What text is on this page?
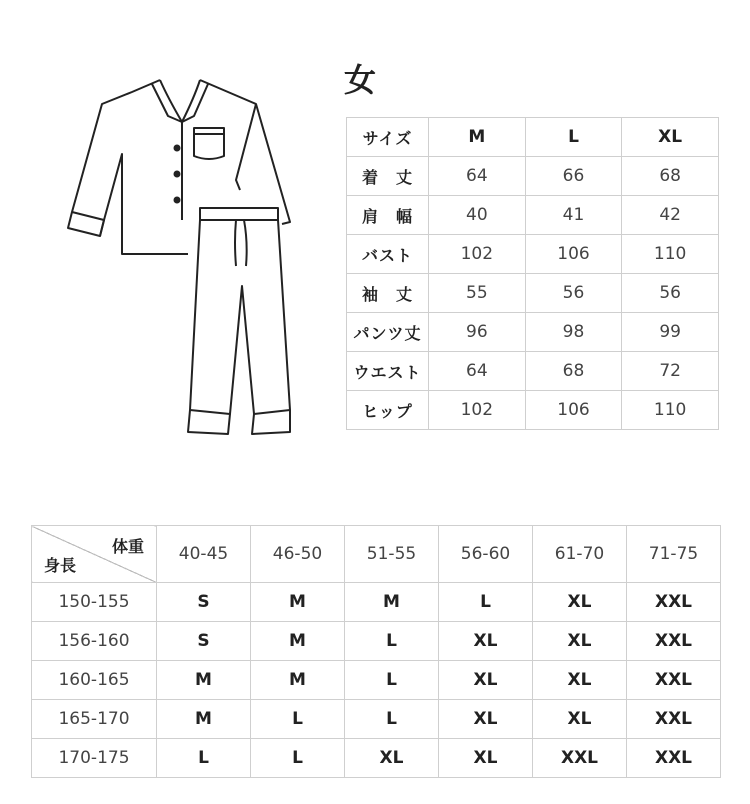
女
サイズ	M	L	XL
着　丈	64	66	68
肩　幅	40	41	42
バスト	102	106	110
袖　丈	55	56	56
パンツ丈	96	98	99
ウエスト	64	68	72
ヒップ	102	106	110
体重
身長	40-45	46-50	51-55	56-60	61-70	71-75
150-155	S	M	M	L	XL	XXL
156-160	S	M	L	XL	XL	XXL
160-165	M	M	L	XL	XL	XXL
165-170	M	L	L	XL	XL	XXL
170-175	L	L	XL	XL	XXL	XXL
